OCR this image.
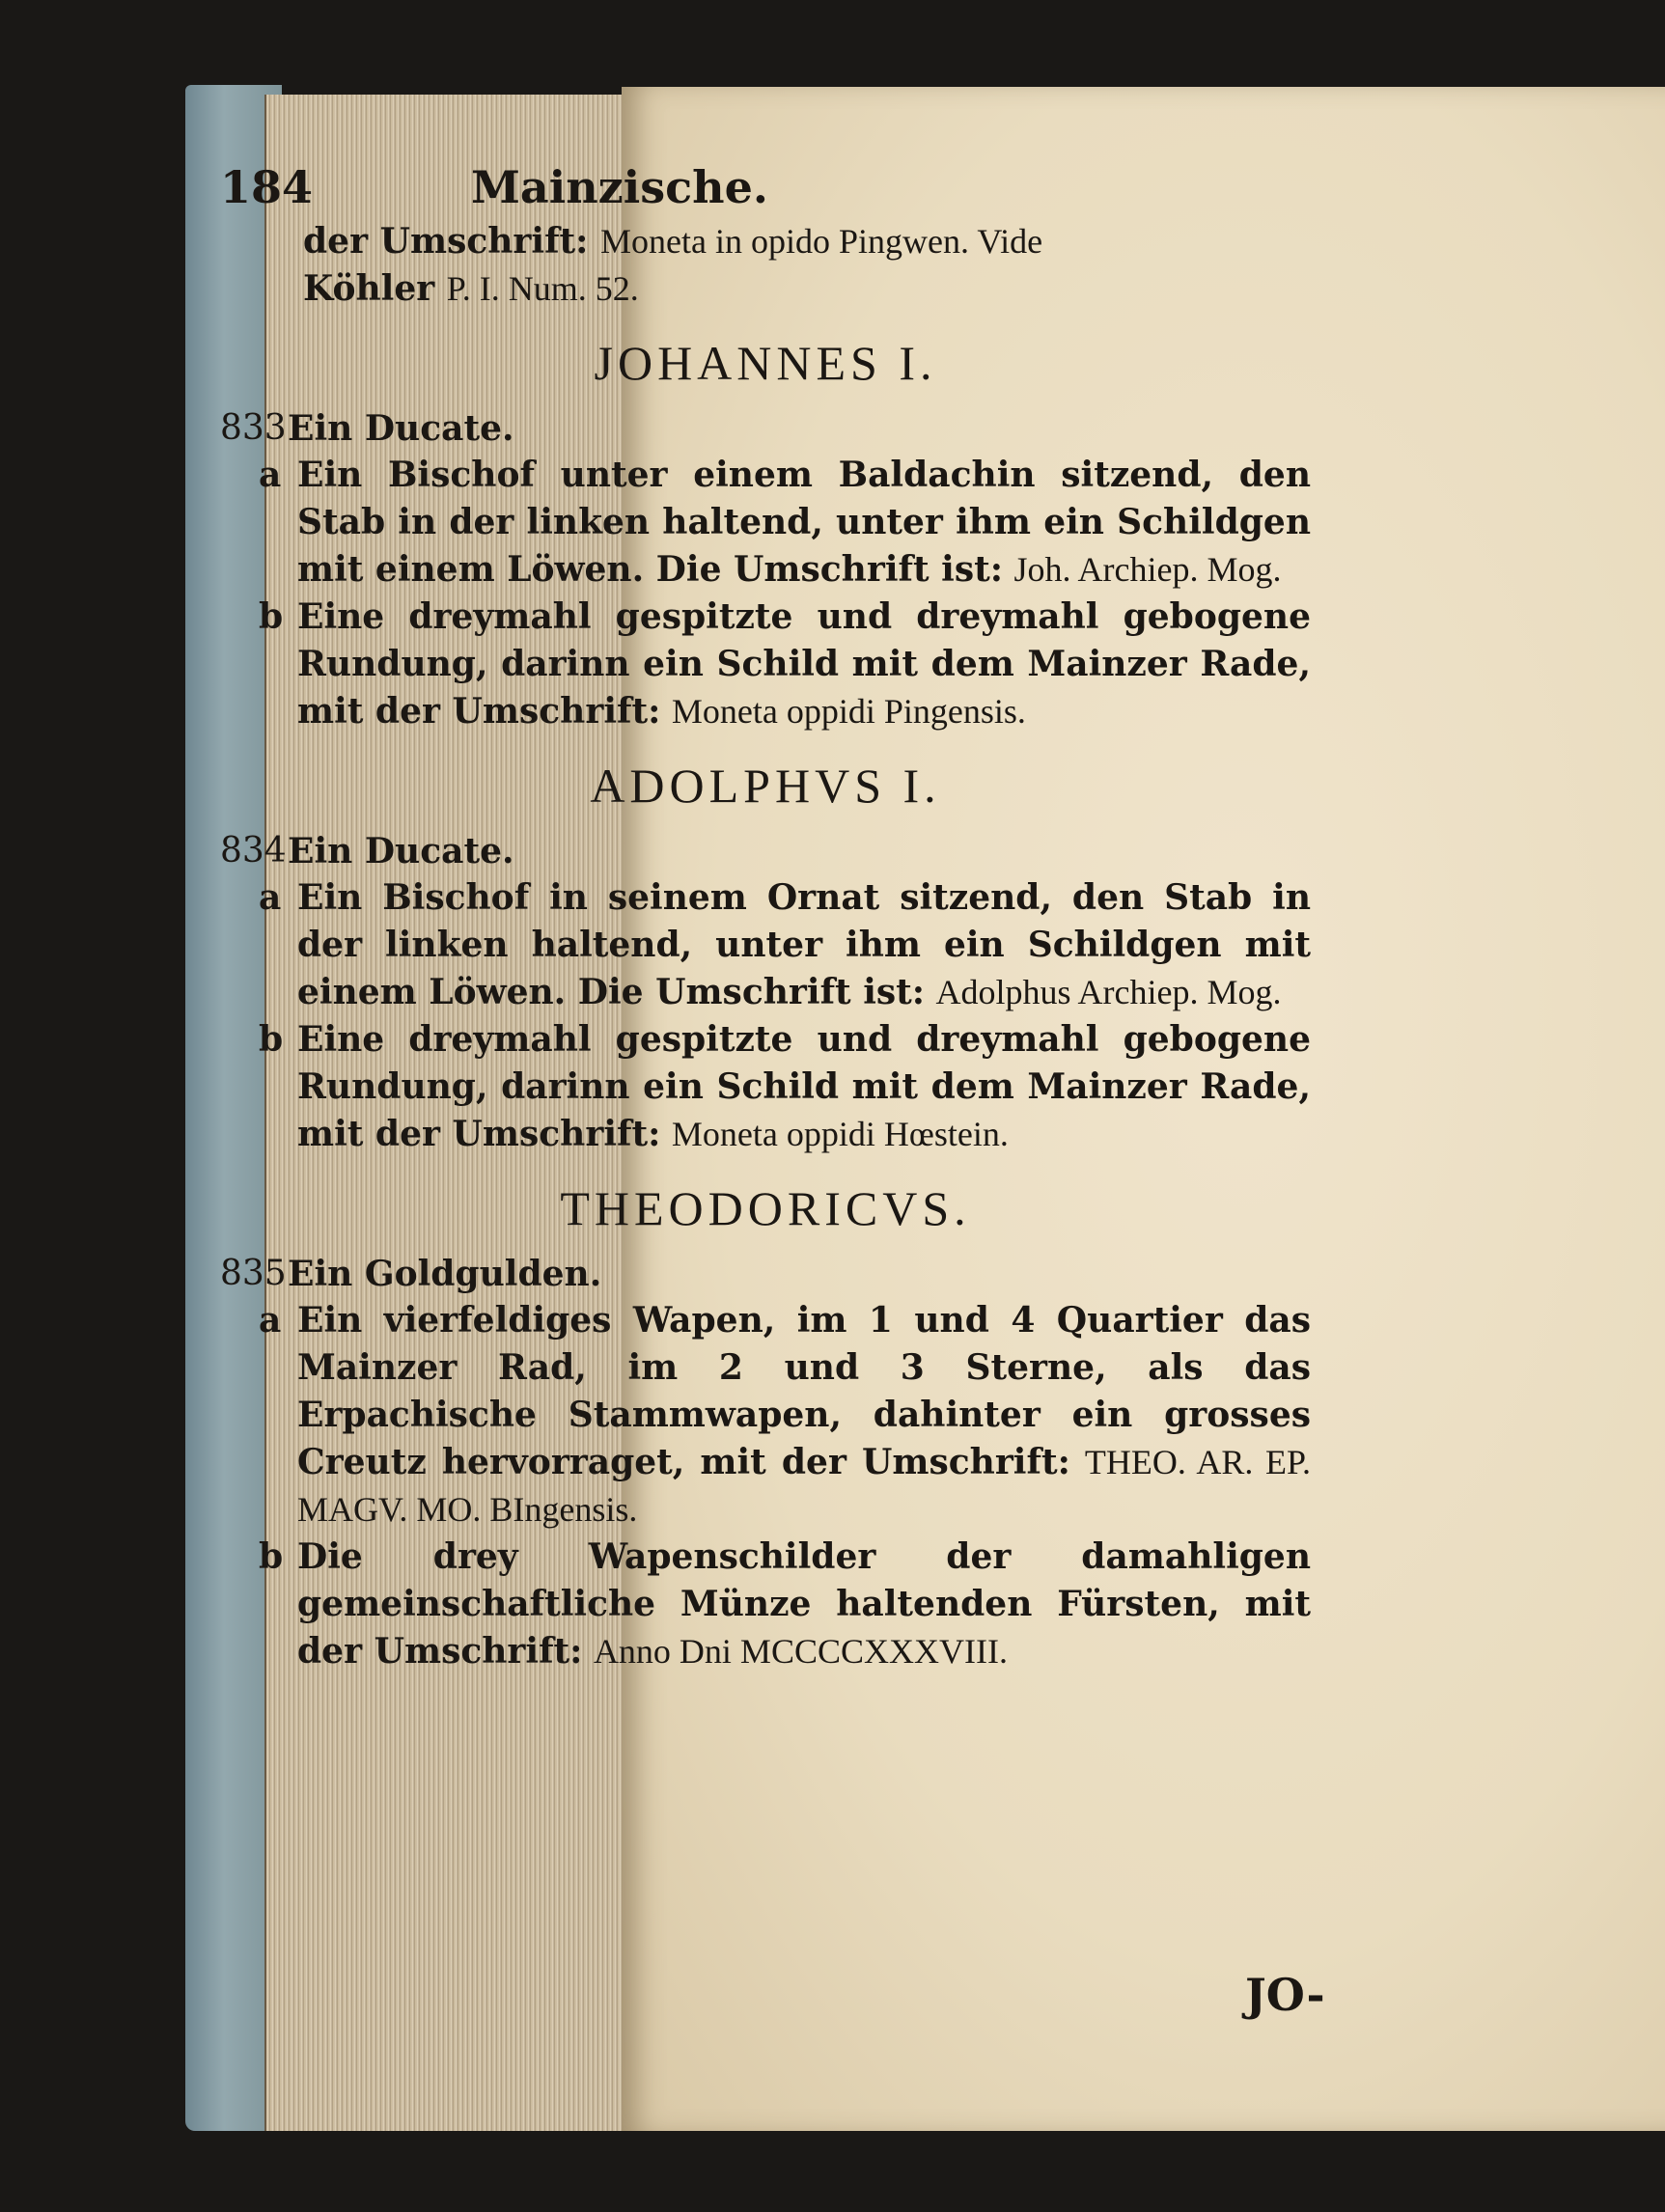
184	Mainzische.
der Umschrift: Moneta in opido Pingwen. Vide
Köhler P. I. Num. 52.
JOHANNES I.
833 Ein Ducate.
a Ein Bischof unter einem Baldachin sitzend, den Stab in der linken haltend, unter ihm ein Schildgen mit einem Löwen. Die Umschrift ist: Joh. Archiep. Mog.
b Eine dreymahl gespitzte und dreymahl gebogene Rundung, darinn ein Schild mit dem Mainzer Rade, mit der Umschrift: Moneta oppidi Pingensis.
ADOLPHVS I.
834 Ein Ducate.
a Ein Bischof in seinem Ornat sitzend, den Stab in der linken haltend, unter ihm ein Schildgen mit einem Löwen. Die Umschrift ist: Adolphus Archiep. Mog.
b Eine dreymahl gespitzte und dreymahl gebogene Rundung, darinn ein Schild mit dem Mainzer Rade, mit der Umschrift: Moneta oppidi Hœstein.
THEODORICVS.
835 Ein Goldgulden.
a Ein vierfeldiges Wapen, im 1 und 4 Quartier das Mainzer Rad, im 2 und 3 Sterne, als das Erpachische Stammwapen, dahinter ein grosses Creutz hervorraget, mit der Umschrift: THEO. AR. EP. MAGV. MO. BIngensis.
b Die drey Wapenschilder der damahligen gemeinschaftliche Münze haltenden Fürsten, mit der Umschrift: Anno Dni MCCCCXXXVIII.
JO-
